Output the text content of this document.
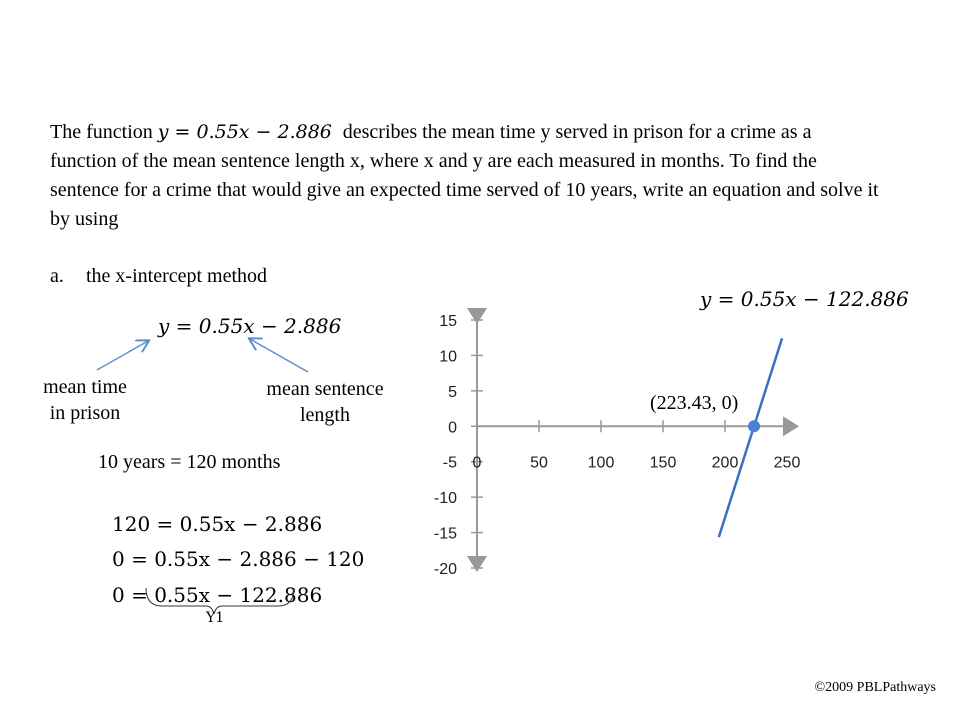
The function y = 0.55x − 2.886 describes the mean time y served in prison for a crime as a function of the mean sentence length x, where x and y are each measured in months. To find the sentence for a crime that would give an expected time served of 10 years, write an equation and solve it by using

a. the x-intercept method
y = 0.55x − 2.886
mean time
in prison
mean sentence
length
10 years = 120 months
120 = 0.55x − 2.886
0 = 0.55x − 2.886 − 120
0 = 0.55x − 122.886
Y1
y = 0.55x − 122.886
(223.43, 0)
15
10
5
0
-5
-10
-15
-20
0	50 100 150 200 250
©2009 PBLPathways
